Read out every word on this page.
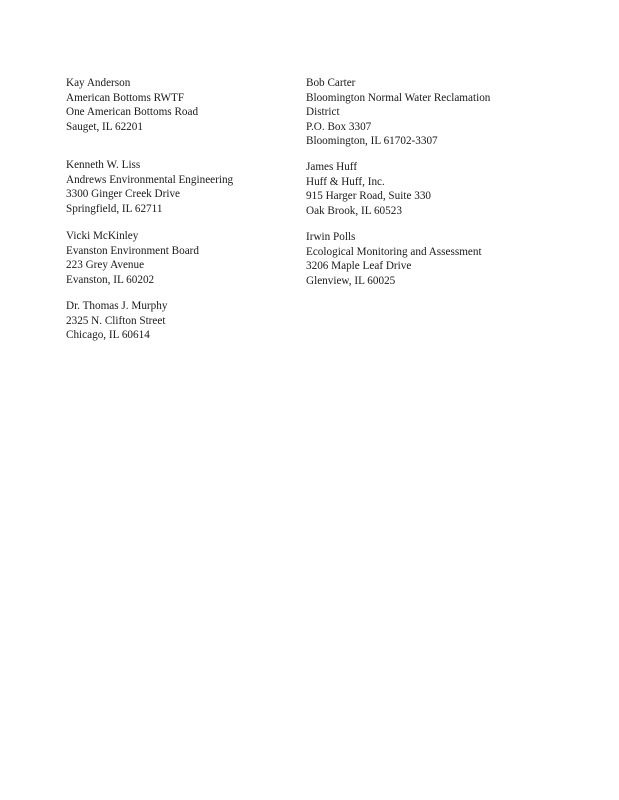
Kay Anderson
American Bottoms RWTF
One American Bottoms Road
Sauget, IL 62201
Kenneth W. Liss
Andrews Environmental Engineering
3300 Ginger Creek Drive
Springfield, IL 62711
Vicki McKinley
Evanston Environment Board
223 Grey Avenue
Evanston, IL 60202
Dr. Thomas J. Murphy
2325 N. Clifton Street
Chicago, IL 60614
Bob Carter
Bloomington Normal Water Reclamation
District
P.O. Box 3307
Bloomington, IL 61702-3307
James Huff
Huff & Huff, Inc.
915 Harger Road, Suite 330
Oak Brook, IL 60523
Irwin Polls
Ecological Monitoring and Assessment
3206 Maple Leaf Drive
Glenview, IL 60025
